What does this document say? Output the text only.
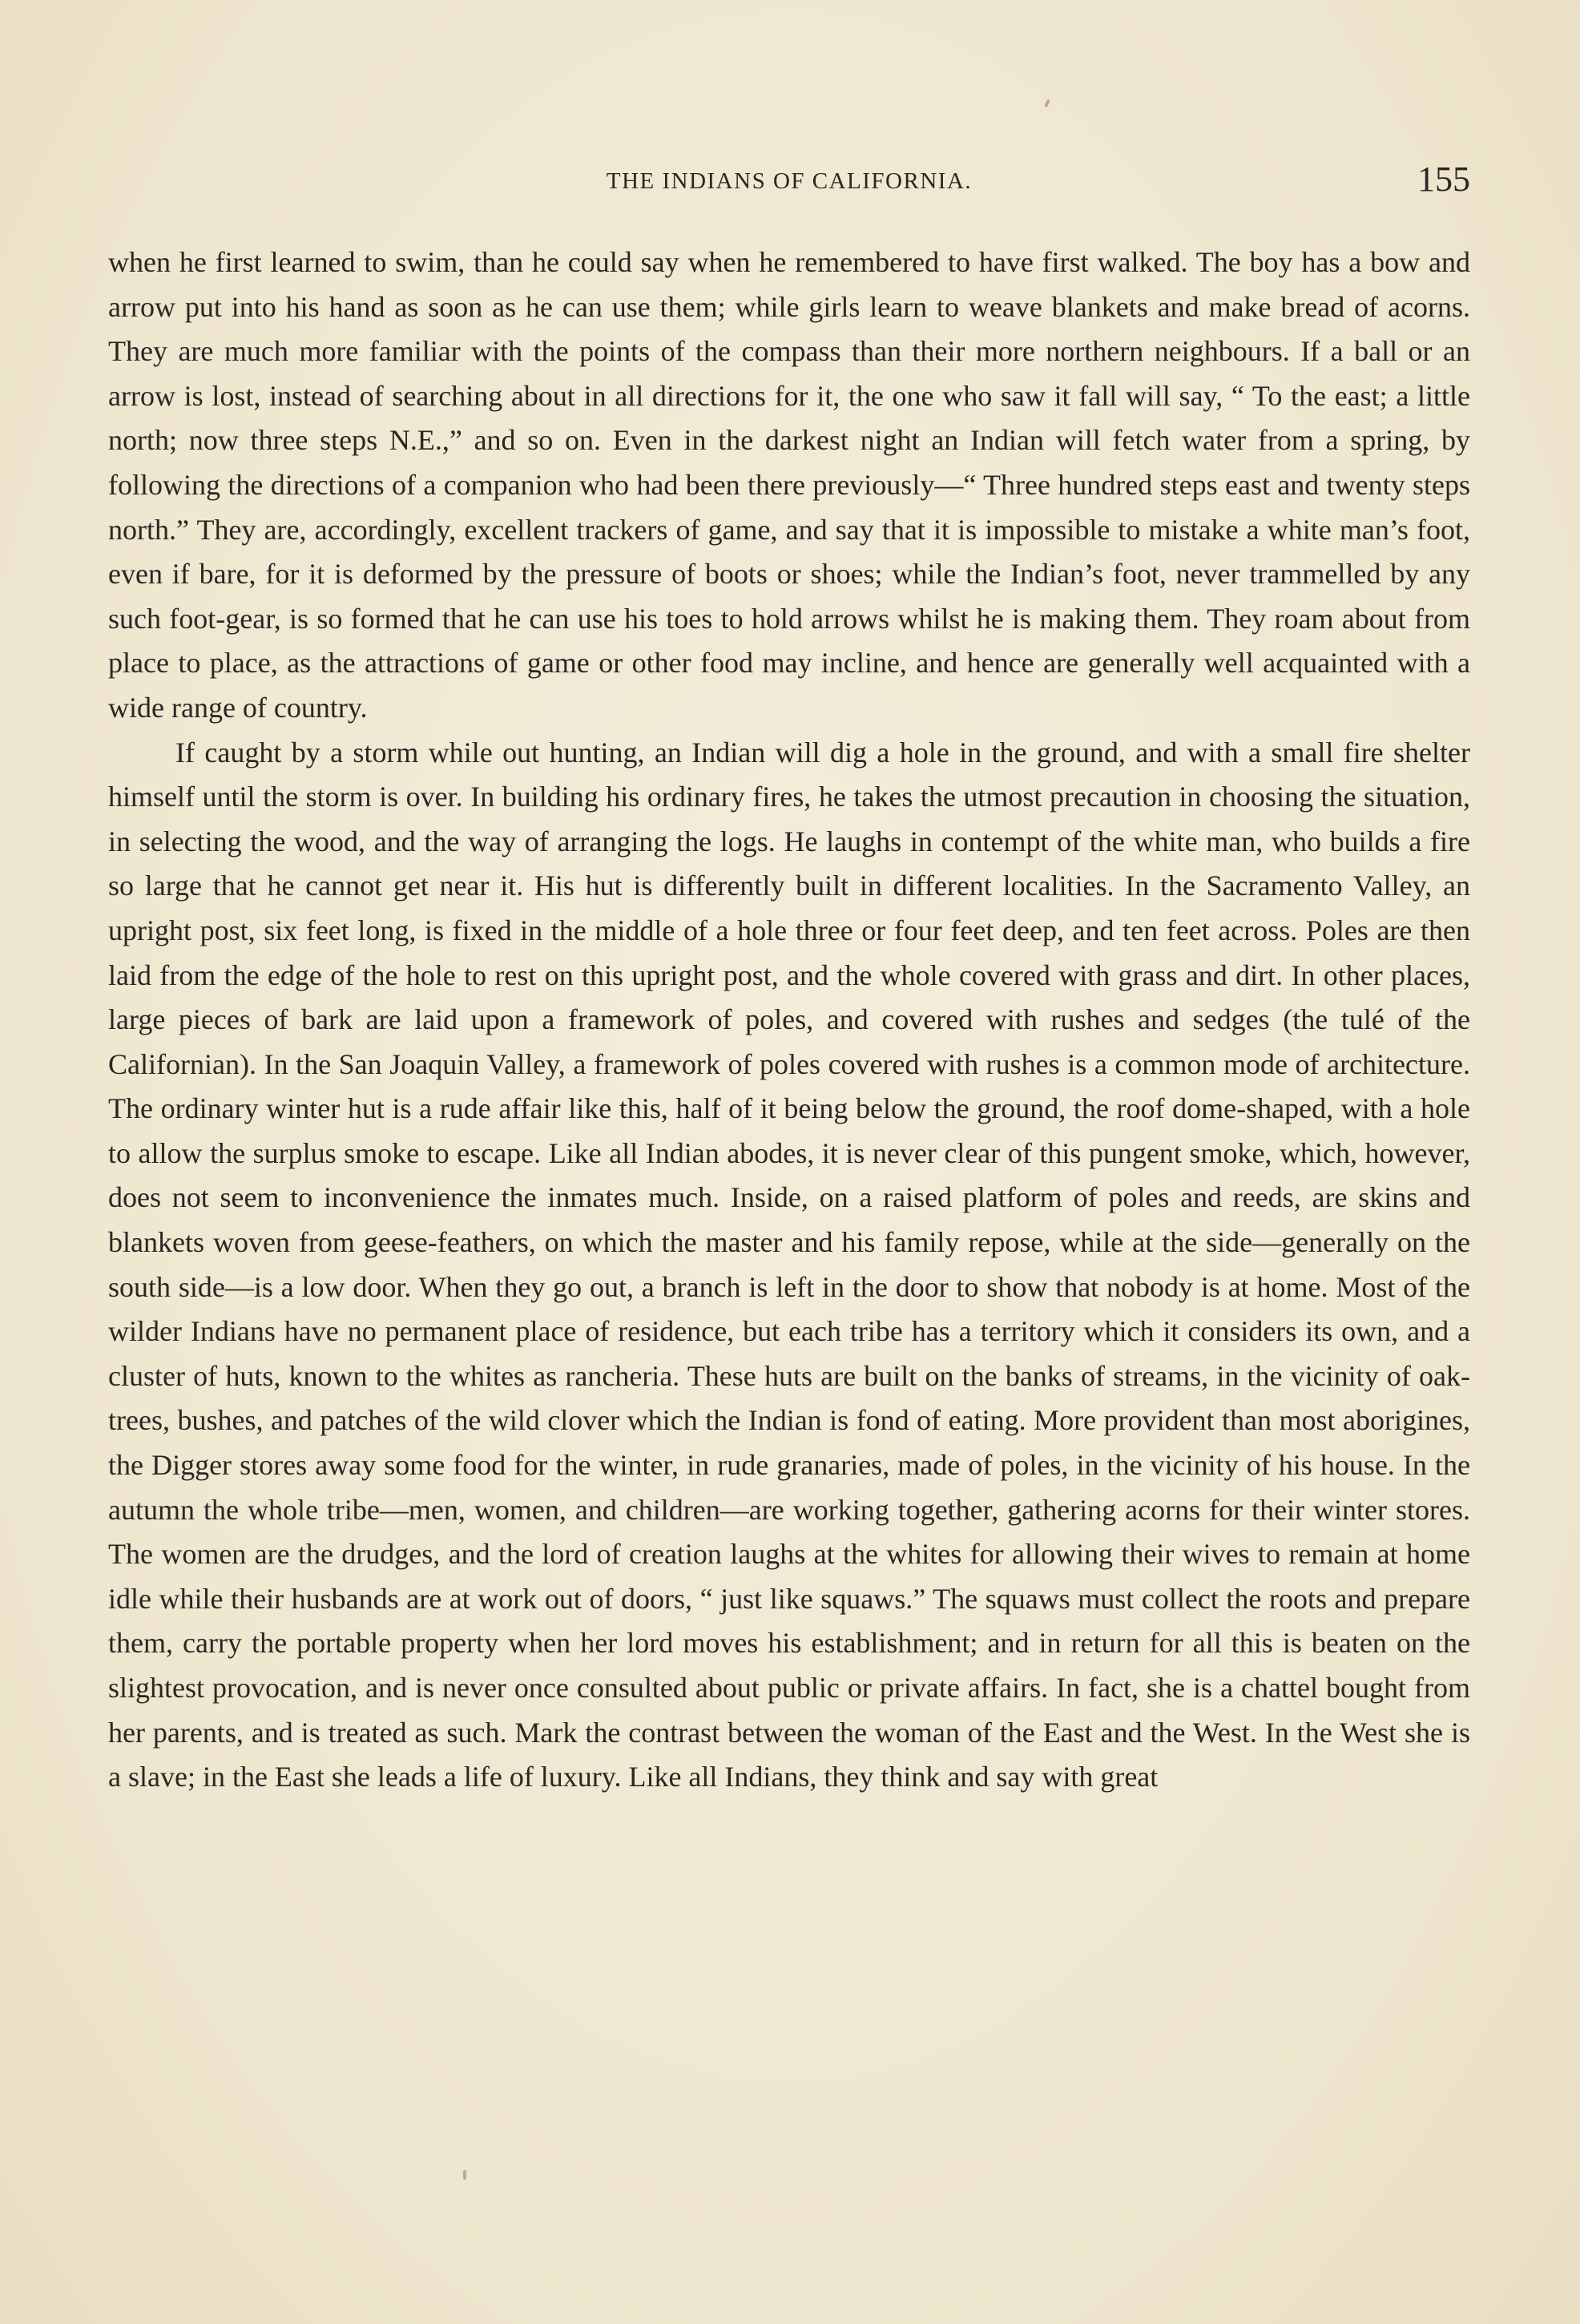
THE INDIANS OF CALIFORNIA.	155

when he first learned to swim, than he could say when he remembered to have first walked. The boy has a bow and arrow put into his hand as soon as he can use them; while girls learn to weave blankets and make bread of acorns. They are much more familiar with the points of the compass than their more northern neighbours. If a ball or an arrow is lost, instead of searching about in all directions for it, the one who saw it fall will say, “ To the east; a little north; now three steps N.E.,” and so on. Even in the darkest night an Indian will fetch water from a spring, by following the directions of a companion who had been there previously—“ Three hundred steps east and twenty steps north.” They are, accordingly, excellent trackers of game, and say that it is impossible to mistake a white man’s foot, even if bare, for it is deformed by the pressure of boots or shoes; while the Indian’s foot, never trammelled by any such foot-gear, is so formed that he can use his toes to hold arrows whilst he is making them. They roam about from place to place, as the attractions of game or other food may incline, and hence are generally well acquainted with a wide range of country.

If caught by a storm while out hunting, an Indian will dig a hole in the ground, and with a small fire shelter himself until the storm is over. In building his ordinary fires, he takes the utmost precaution in choosing the situation, in selecting the wood, and the way of arranging the logs. He laughs in contempt of the white man, who builds a fire so large that he cannot get near it. His hut is differently built in different localities. In the Sacramento Valley, an upright post, six feet long, is fixed in the middle of a hole three or four feet deep, and ten feet across. Poles are then laid from the edge of the hole to rest on this upright post, and the whole covered with grass and dirt. In other places, large pieces of bark are laid upon a framework of poles, and covered with rushes and sedges (the tulé of the Californian). In the San Joaquin Valley, a framework of poles covered with rushes is a common mode of architecture. The ordinary winter hut is a rude affair like this, half of it being below the ground, the roof dome-shaped, with a hole to allow the surplus smoke to escape. Like all Indian abodes, it is never clear of this pungent smoke, which, however, does not seem to inconvenience the inmates much. Inside, on a raised platform of poles and reeds, are skins and blankets woven from geese-feathers, on which the master and his family repose, while at the side—generally on the south side—is a low door. When they go out, a branch is left in the door to show that nobody is at home. Most of the wilder Indians have no permanent place of residence, but each tribe has a territory which it considers its own, and a cluster of huts, known to the whites as rancheria. These huts are built on the banks of streams, in the vicinity of oak-trees, bushes, and patches of the wild clover which the Indian is fond of eating. More provident than most aborigines, the Digger stores away some food for the winter, in rude granaries, made of poles, in the vicinity of his house. In the autumn the whole tribe—men, women, and children—are working together, gathering acorns for their winter stores. The women are the drudges, and the lord of creation laughs at the whites for allowing their wives to remain at home idle while their husbands are at work out of doors, “ just like squaws.” The squaws must collect the roots and prepare them, carry the portable property when her lord moves his establishment; and in return for all this is beaten on the slightest provocation, and is never once consulted about public or private affairs. In fact, she is a chattel bought from her parents, and is treated as such. Mark the contrast between the woman of the East and the West. In the West she is a slave; in the East she leads a life of luxury. Like all Indians, they think and say with great
